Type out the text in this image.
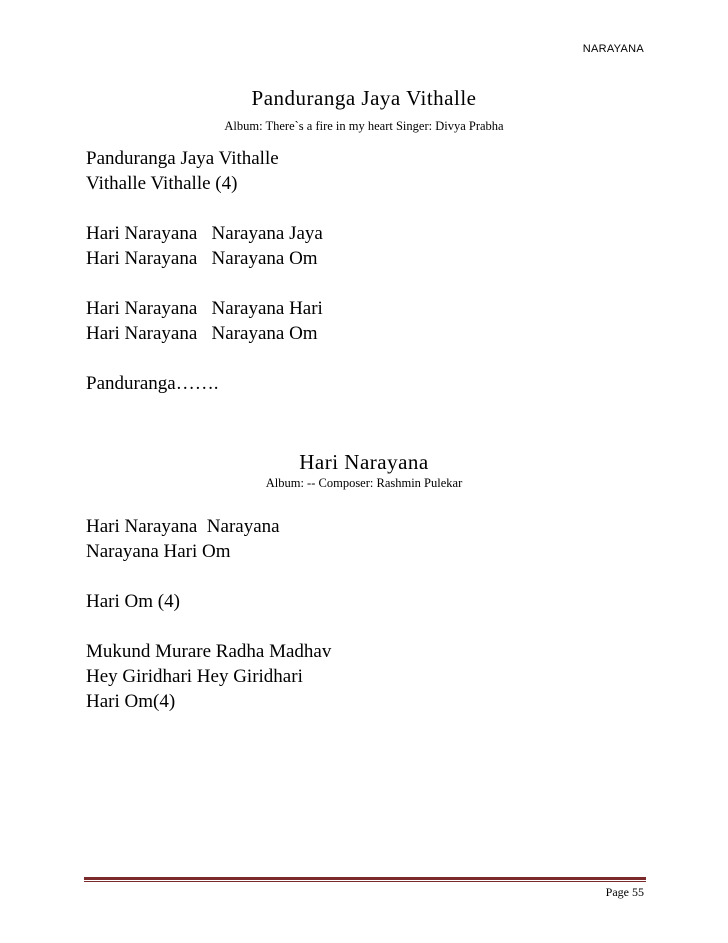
NARAYANA
Panduranga Jaya Vithalle
Album: There`s a fire in my heart Singer: Divya Prabha
Panduranga Jaya Vithalle
Vithalle Vithalle (4)
Hari Narayana   Narayana Jaya
Hari Narayana   Narayana Om
Hari Narayana   Narayana Hari
Hari Narayana   Narayana Om
Panduranga…….
Hari Narayana
Album: -- Composer: Rashmin Pulekar
Hari Narayana  Narayana
Narayana Hari Om
Hari Om (4)
Mukund Murare Radha Madhav
Hey Giridhari Hey Giridhari
Hari Om(4)
Page 55
